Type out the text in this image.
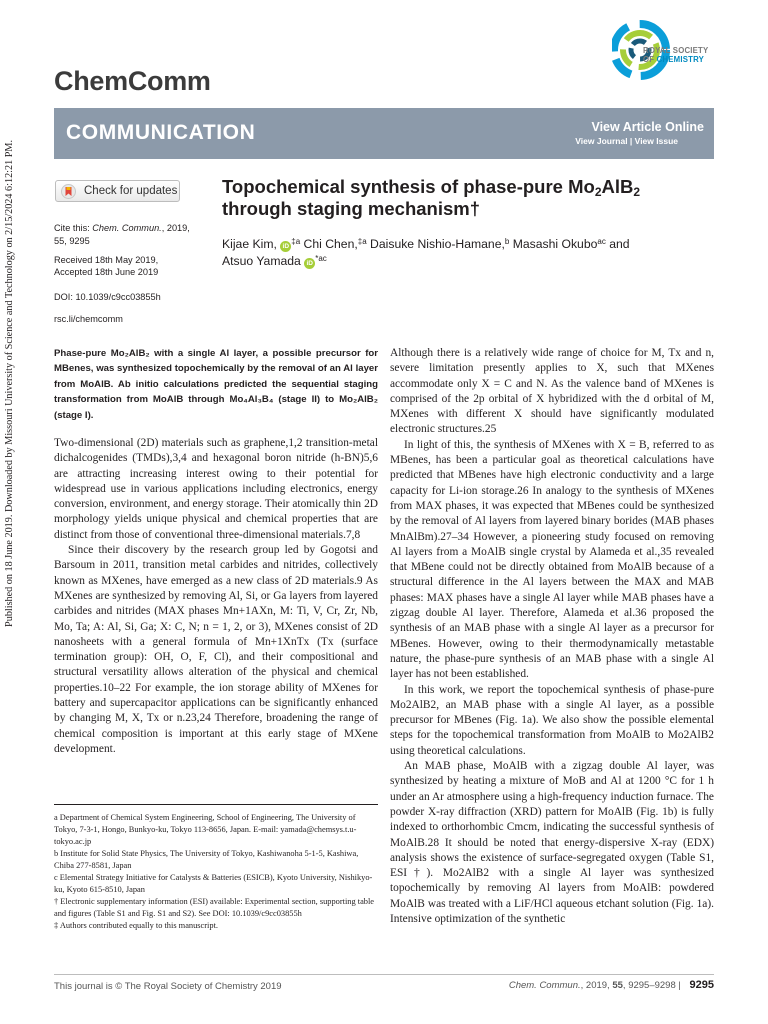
Published on 18 June 2019. Downloaded by Missouri University of Science and Technology on 2/15/2024 6:12:21 PM.
ChemComm
ROYAL SOCIETY
OF CHEMISTRY
COMMUNICATION	View Article Online
View Journal | View Issue
Check for updates
Cite this: Chem. Commun., 2019,
55, 9295
Received 18th May 2019,
Accepted 18th June 2019
DOI: 10.1039/c9cc03855h
rsc.li/chemcomm
Topochemical synthesis of phase-pure $Mo_2AlB_2$
through staging mechanism†
Kijae Kim, $iD^{\ddagger a}$ Chi Chen,$^{\ddagger a}$ Daisuke Nishio-Hamane,$^b$ Masashi Okubo$^{ac}$ and
Atsuo Yamada $iD^{*ac}$
Phase-pure Mo₂AlB₂ with a single Al layer, a possible precursor for MBenes, was synthesized topochemically by the removal of an Al layer from MoAlB. Ab initio calculations predicted the sequential staging transformation from MoAlB through Mo₄Al₃B₄ (stage II) to Mo₂AlB₂ (stage I).

Two-dimensional (2D) materials such as graphene,1,2 transition-metal dichalcogenides (TMDs),3,4 and hexagonal boron nitride (h-BN)5,6 are attracting increasing interest owing to their potential for widespread use in various applications including electronics, energy conversion, environment, and energy storage. Their atomically thin 2D morphology yields unique physical and chemical properties that are distinct from those of conventional three-dimensional materials.7,8

Since their discovery by the research group led by Gogotsi and Barsoum in 2011, transition metal carbides and nitrides, collectively known as MXenes, have emerged as a new class of 2D materials.9 As MXenes are synthesized by removing Al, Si, or Ga layers from layered carbides and nitrides (MAX phases Mn+1AXn, M: Ti, V, Cr, Zr, Nb, Mo, Ta; A: Al, Si, Ga; X: C, N; n = 1, 2, or 3), MXenes consist of 2D nanosheets with a general formula of Mn+1XnTx (Tx (surface termination group): OH, O, F, Cl), and their compositional and structural versatility allows alteration of the physical and chemical properties.10–22 For example, the ion storage ability of MXenes for battery and supercapacitor applications can be significantly enhanced by changing M, X, Tx or n.23,24 Therefore, broadening the range of chemical composition is important at this early stage of MXene development.

Although there is a relatively wide range of choice for M, Tx and n, severe limitation presently applies to X, such that MXenes accommodate only X = C and N. As the valence band of MXenes is comprised of the 2p orbital of X hybridized with the d orbital of M, MXenes with different X should have significantly modulated electronic structures.25

In light of this, the synthesis of MXenes with X = B, referred to as MBenes, has been a particular goal as theoretical calculations have predicted that MBenes have high electronic conductivity and a large capacity for Li-ion storage.26 In analogy to the synthesis of MXenes from MAX phases, it was expected that MBenes could be synthesized by the removal of Al layers from layered binary borides (MAB phases MnAlBm).27–34 However, a pioneering study focused on removing Al layers from a MoAlB single crystal by Alameda et al.,35 revealed that MBene could not be directly obtained from MoAlB because of a structural difference in the Al layers between the MAX and MAB phases: MAX phases have a single Al layer while MAB phases have a zigzag double Al layer. Therefore, Alameda et al.36 proposed the synthesis of an MAB phase with a single Al layer as a precursor for MBenes. However, owing to their thermodynamically metastable nature, the phase-pure synthesis of an MAB phase with a single Al layer has not been established.

In this work, we report the topochemical synthesis of phase-pure Mo2AlB2, an MAB phase with a single Al layer, as a possible precursor for MBenes (Fig. 1a). We also show the possible elemental steps for the topochemical transformation from MoAlB to Mo2AlB2 using theoretical calculations.

An MAB phase, MoAlB with a zigzag double Al layer, was synthesized by heating a mixture of MoB and Al at 1200 °C for 1 h under an Ar atmosphere using a high-frequency induction furnace. The powder X-ray diffraction (XRD) pattern for MoAlB (Fig. 1b) is fully indexed to orthorhombic Cmcm, indicating the successful synthesis of MoAlB.28 It should be noted that energy-dispersive X-ray (EDX) analysis shows the existence of surface-segregated oxygen (Table S1, ESI†). Mo2AlB2 with a single Al layer was synthesized topochemically by removing Al layers from MoAlB: powdered MoAlB was treated with a LiF/HCl aqueous etchant solution (Fig. 1a). Intensive optimization of the synthetic

a Department of Chemical System Engineering, School of Engineering, The University of Tokyo, 7-3-1, Hongo, Bunkyo-ku, Tokyo 113-8656, Japan. E-mail: yamada@chemsys.t.u-tokyo.ac.jp
b Institute for Solid State Physics, The University of Tokyo, Kashiwanoha 5-1-5, Kashiwa, Chiba 277-8581, Japan
c Elemental Strategy Initiative for Catalysts & Batteries (ESICB), Kyoto University, Nishikyo-ku, Kyoto 615-8510, Japan
† Electronic supplementary information (ESI) available: Experimental section, supporting table and figures (Table S1 and Fig. S1 and S2). See DOI: 10.1039/c9cc03855h
‡ Authors contributed equally to this manuscript.
This journal is © The Royal Society of Chemistry 2019	Chem. Commun., 2019, 55, 9295–9298 | 9295
